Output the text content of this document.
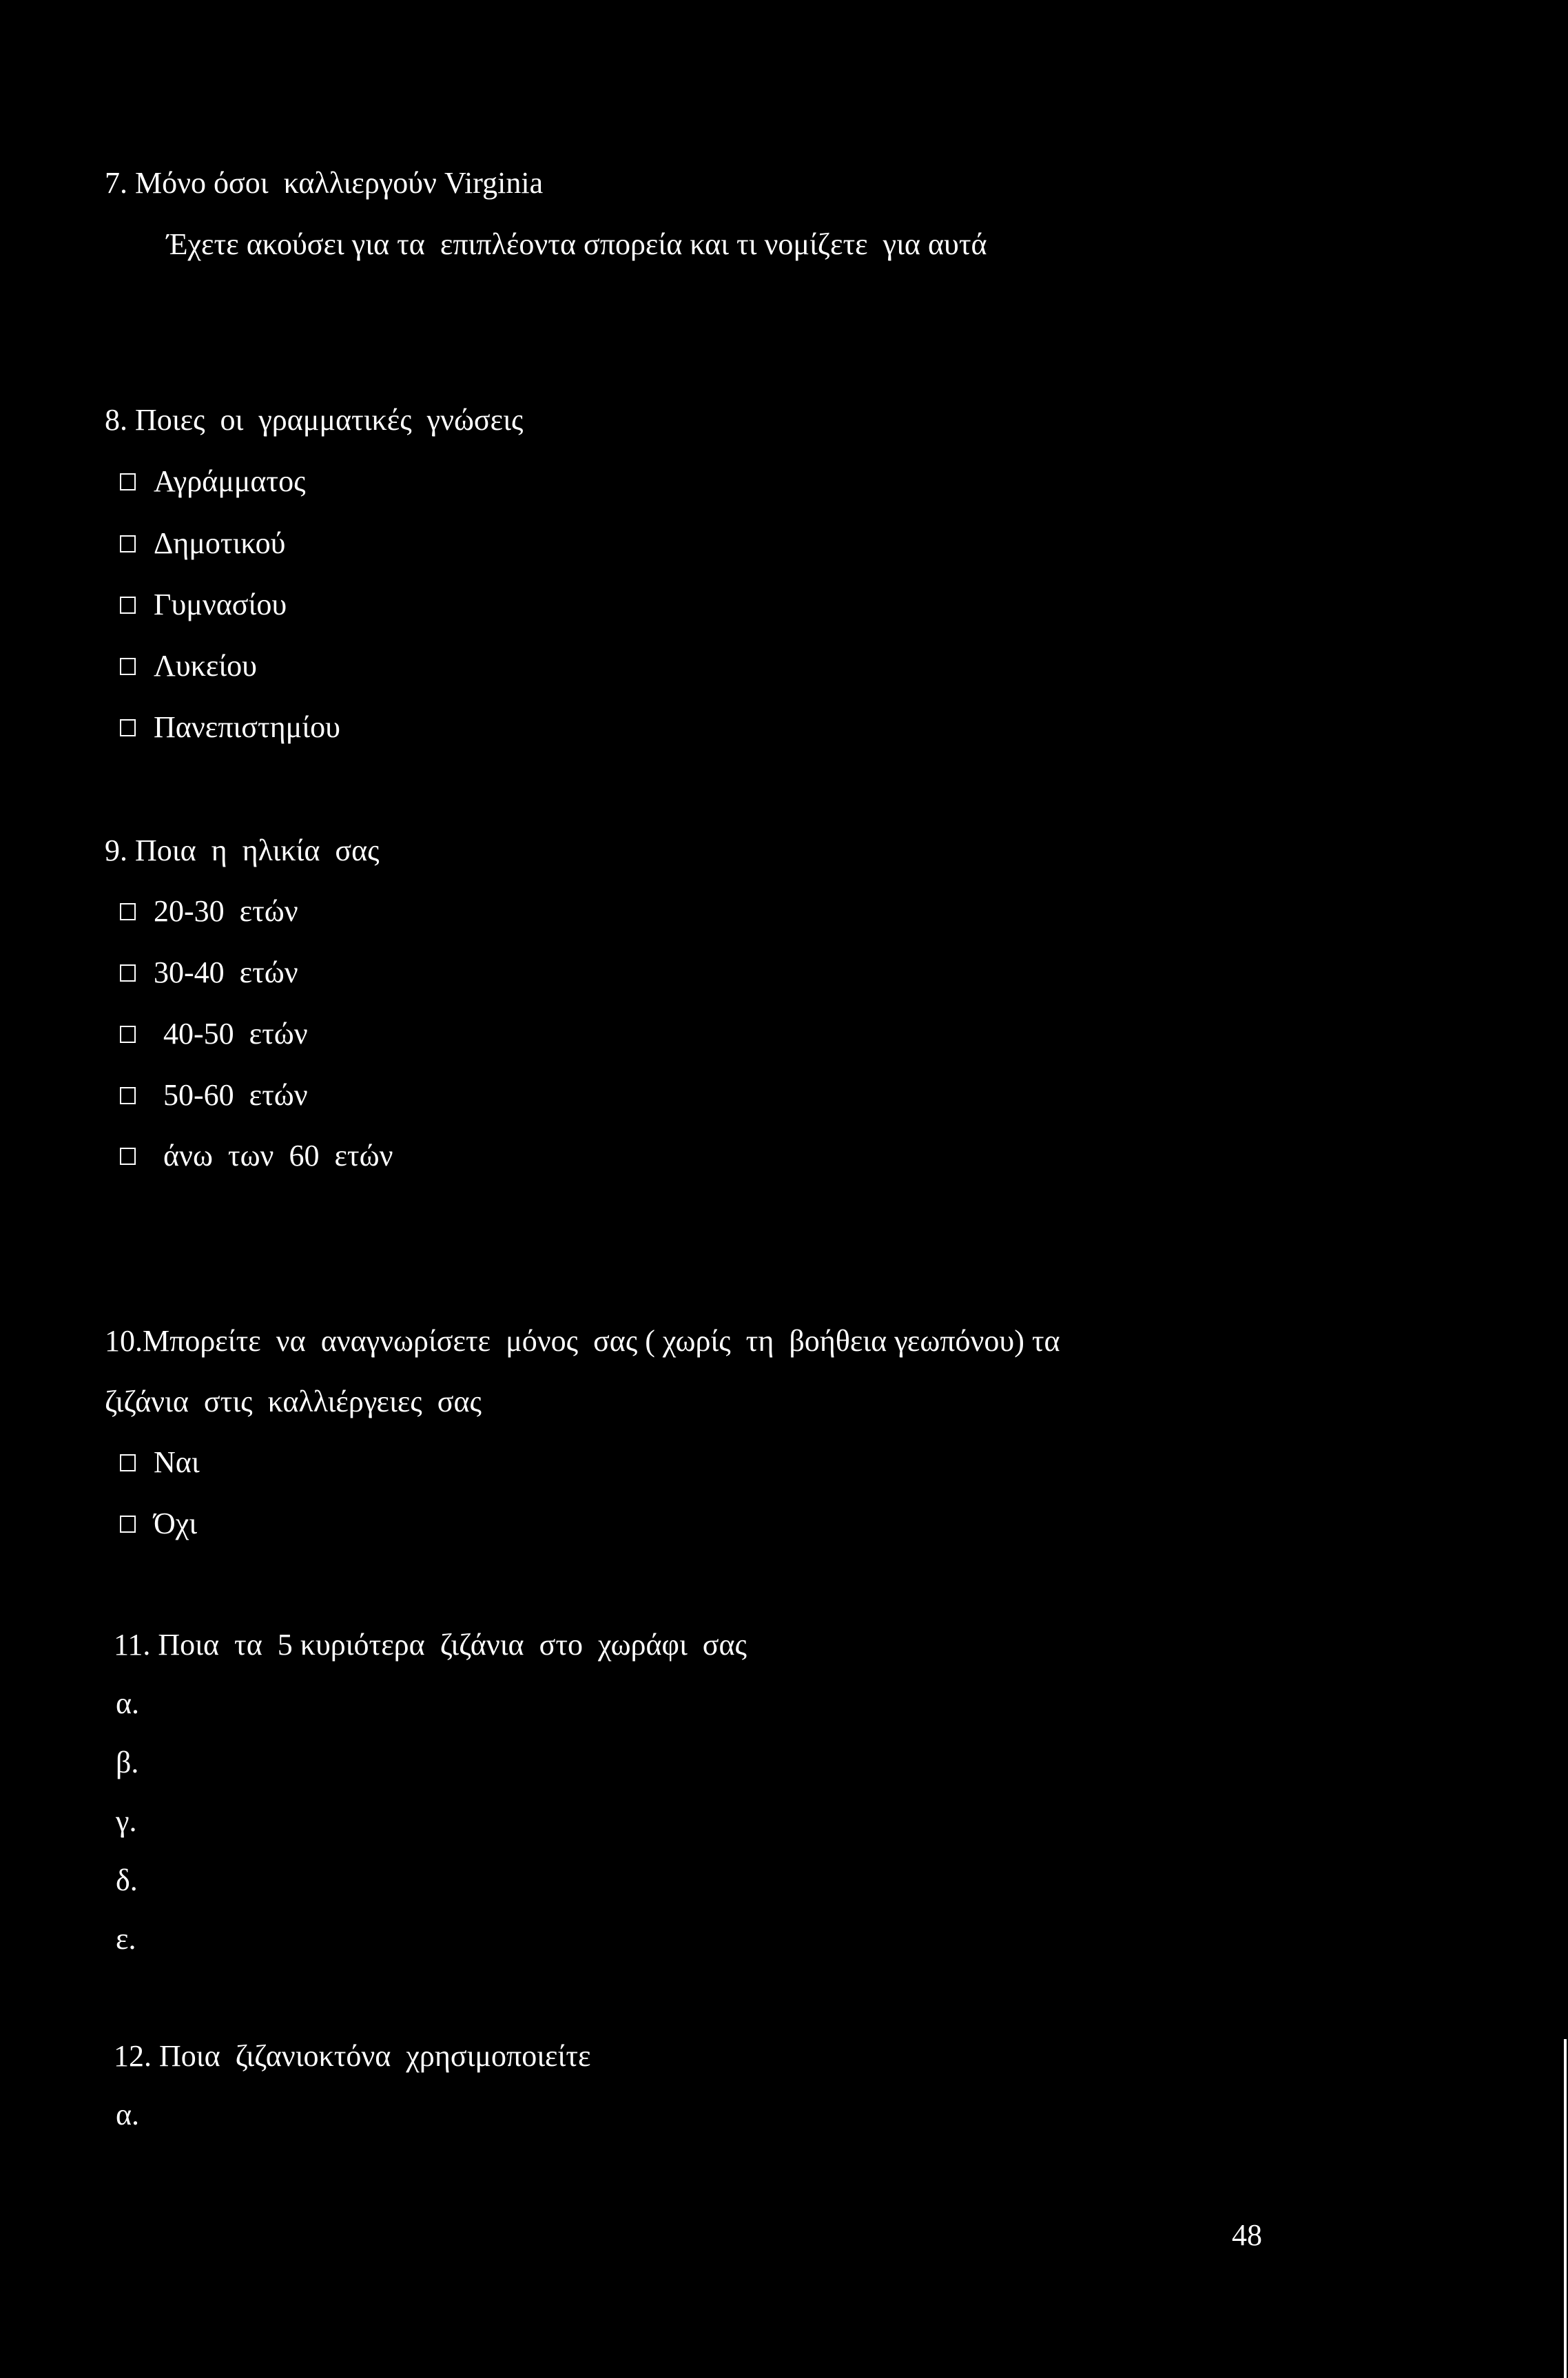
7. Μόνο όσοι  καλλιεργούν Virginia
Έχετε ακούσει για τα  επιπλέοντα σπορεία και τι νομίζετε  για αυτά
8. Ποιες  οι  γραμματικές  γνώσεις
Αγράμματος
Δημοτικού
Γυμνασίου
Λυκείου
Πανεπιστημίου
9. Ποια  η  ηλικία  σας
20-30  ετών
30-40  ετών
40-50  ετών
50-60  ετών
άνω  των  60  ετών
10.Μπορείτε  να  αναγνωρίσετε  μόνος  σας ( χωρίς  τη  βοήθεια γεωπόνου) τα
ζιζάνια  στις  καλλιέργειες  σας
Ναι
Όχι
11. Ποια  τα  5 κυριότερα  ζιζάνια  στο  χωράφι  σας
α.
β.
γ.
δ.
ε.
12. Ποια  ζιζανιοκτόνα  χρησιμοποιείτε
α.
48
